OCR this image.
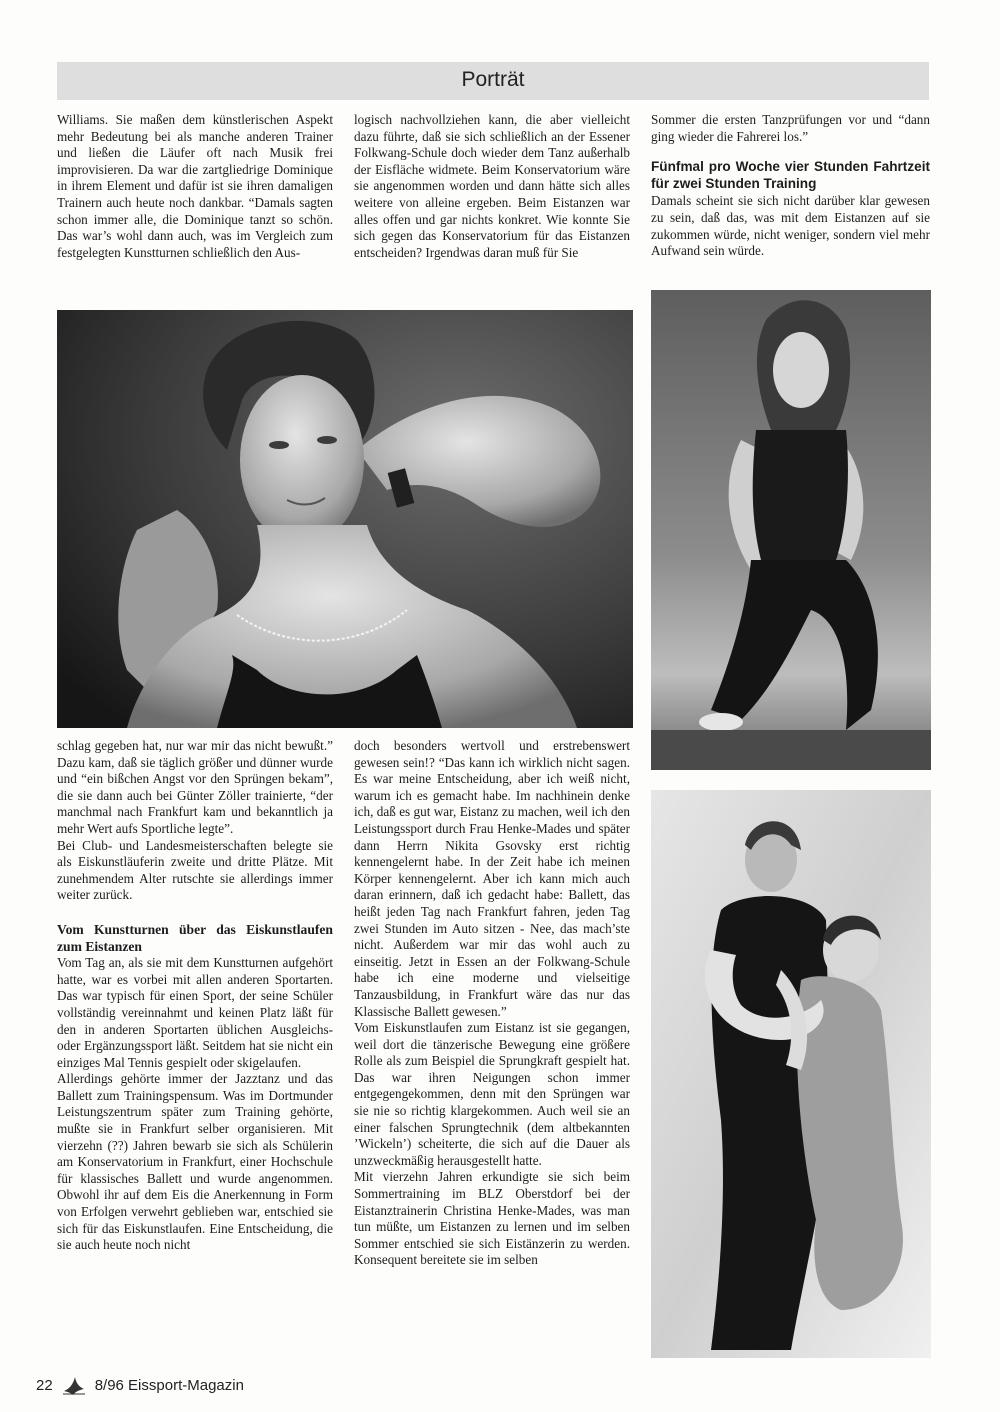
Porträt

Williams. Sie maßen dem künstlerischen Aspekt mehr Bedeutung bei als manche anderen Trainer und ließen die Läufer oft nach Musik frei improvisieren. Da war die zartgliedrige Dominique in ihrem Element und dafür ist sie ihren damaligen Trainern auch heute noch dankbar. “Damals sagten schon immer alle, die Dominique tanzt so schön. Das war’s wohl dann auch, was im Vergleich zum festgelegten Kunstturnen schließlich den Aus-

logisch nachvollziehen kann, die aber vielleicht dazu führte, daß sie sich schließlich an der Essener Folkwang-Schule doch wieder dem Tanz außerhalb der Eisfläche widmete. Beim Konservatorium wäre sie angenommen worden und dann hätte sich alles weitere von alleine ergeben. Beim Eistanzen war alles offen und gar nichts konkret. Wie konnte Sie sich gegen das Konservatorium für das Eistanzen entscheiden? Irgendwas daran muß für Sie

Sommer die ersten Tanzprüfungen vor und “dann ging wieder die Fahrerei los.”

Fünfmal pro Woche vier Stunden Fahrtzeit für zwei Stunden Training

Damals scheint sie sich nicht darüber klar gewesen zu sein, daß das, was mit dem Eistanzen auf sie zukommen würde, nicht weniger, sondern viel mehr Aufwand sein würde.

schlag gegeben hat, nur war mir das nicht bewußt.” Dazu kam, daß sie täglich größer und dünner wurde und “ein bißchen Angst vor den Sprüngen bekam”, die sie dann auch bei Günter Zöller trainierte, “der manchmal nach Frankfurt kam und bekanntlich ja mehr Wert aufs Sportliche legte”.

Bei Club- und Landesmeisterschaften belegte sie als Eiskunstläuferin zweite und dritte Plätze. Mit zunehmendem Alter rutschte sie allerdings immer weiter zurück.

Vom Kunstturnen über das Eiskunstlaufen zum Eistanzen

Vom Tag an, als sie mit dem Kunstturnen aufgehört hatte, war es vorbei mit allen anderen Sportarten. Das war typisch für einen Sport, der seine Schüler vollständig vereinnahmt und keinen Platz läßt für den in anderen Sportarten üblichen Ausgleichs- oder Ergänzungssport läßt. Seitdem hat sie nicht ein einziges Mal Tennis gespielt oder skigelaufen.

Allerdings gehörte immer der Jazztanz und das Ballett zum Trainingspensum. Was im Dortmunder Leistungszentrum später zum Training gehörte, mußte sie in Frankfurt selber organisieren. Mit vierzehn (??) Jahren bewarb sie sich als Schülerin am Konservatorium in Frankfurt, einer Hochschule für klassisches Ballett und wurde angenommen. Obwohl ihr auf dem Eis die Anerkennung in Form von Erfolgen verwehrt geblieben war, entschied sie sich für das Eiskunstlaufen. Eine Entscheidung, die sie auch heute noch nicht

doch besonders wertvoll und erstrebenswert gewesen sein!? “Das kann ich wirklich nicht sagen. Es war meine Entscheidung, aber ich weiß nicht, warum ich es gemacht habe. Im nachhinein denke ich, daß es gut war, Eistanz zu machen, weil ich den Leistungssport durch Frau Henke-Mades und später dann Herrn Nikita Gsovsky erst richtig kennengelernt habe. In der Zeit habe ich meinen Körper kennengelernt. Aber ich kann mich auch daran erinnern, daß ich gedacht habe: Ballett, das heißt jeden Tag nach Frankfurt fahren, jeden Tag zwei Stunden im Auto sitzen - Nee, das mach’ste nicht. Außerdem war mir das wohl auch zu einseitig. Jetzt in Essen an der Folkwang-Schule habe ich eine moderne und vielseitige Tanzausbildung, in Frankfurt wäre das nur das Klassische Ballett gewesen.”

Vom Eiskunstlaufen zum Eistanz ist sie gegangen, weil dort die tänzerische Bewegung eine größere Rolle als zum Beispiel die Sprungkraft gespielt hat. Das war ihren Neigungen schon immer entgegengekommen, denn mit den Sprüngen war sie nie so richtig klargekommen. Auch weil sie an einer falschen Sprungtechnik (dem altbekannten ’Wickeln’) scheiterte, die sich auf die Dauer als unzweckmäßig herausgestellt hatte.

Mit vierzehn Jahren erkundigte sie sich beim Sommertraining im BLZ Oberstdorf bei der Eistanztrainerin Christina Henke-Mades, was man tun müßte, um Eistanzen zu lernen und im selben Sommer entschied sie sich Eistänzerin zu werden. Konsequent bereitete sie im selben

22	8/96 Eissport-Magazin
